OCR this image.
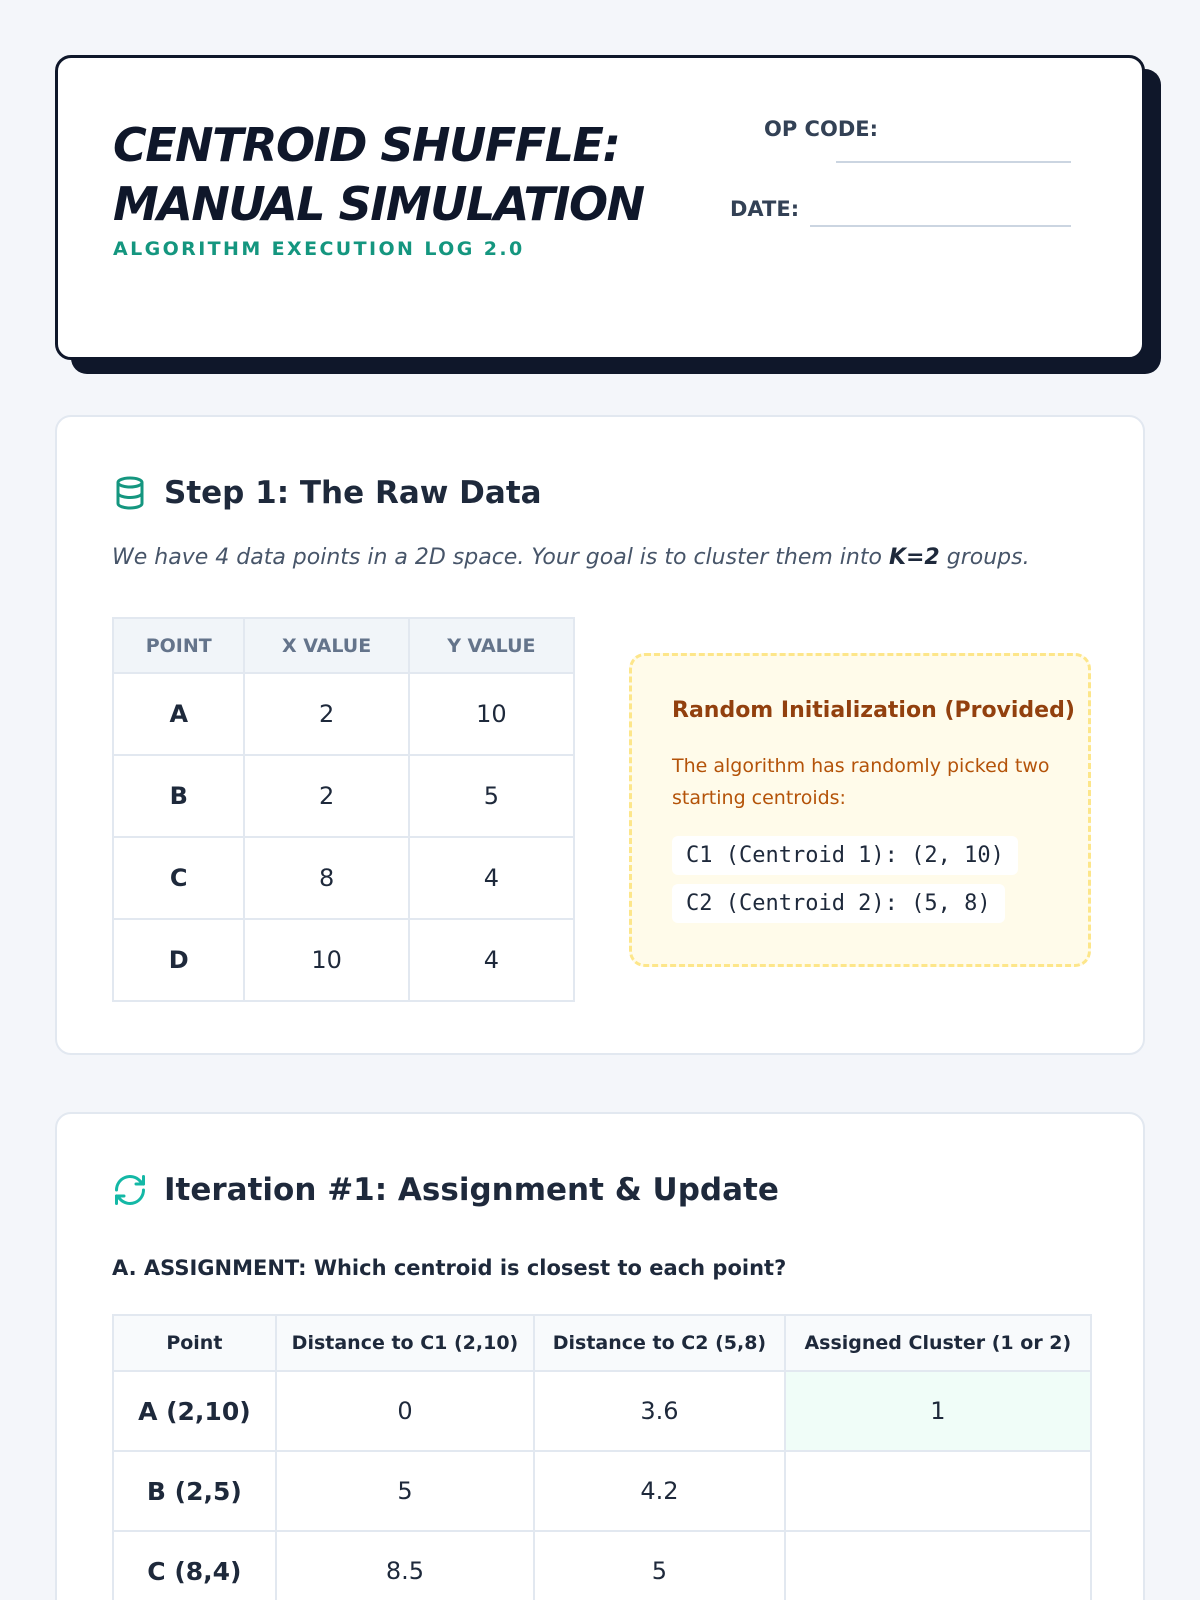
CENTROID SHUFFLE: MANUAL SIMULATION
ALGORITHM EXECUTION LOG 2.0
OP CODE:
DATE:
Step 1: The Raw Data
We have 4 data points in a 2D space. Your goal is to cluster them into K=2 groups.
POINT	X VALUE	Y VALUE
A	2	10
B	2	5
C	8	4
D	10	4
Random Initialization (Provided)
The algorithm has randomly picked two starting centroids:
C1 (Centroid 1): (2, 10)
C2 (Centroid 2): (5, 8)
Iteration #1: Assignment & Update
A. ASSIGNMENT: Which centroid is closest to each point?
Point	Distance to C1 (2,10)	Distance to C2 (5,8)	Assigned Cluster (1 or 2)
A (2,10)	0	3.6	1
B (2,5)	5	4.2	
C (8,4)	8.5	5	
